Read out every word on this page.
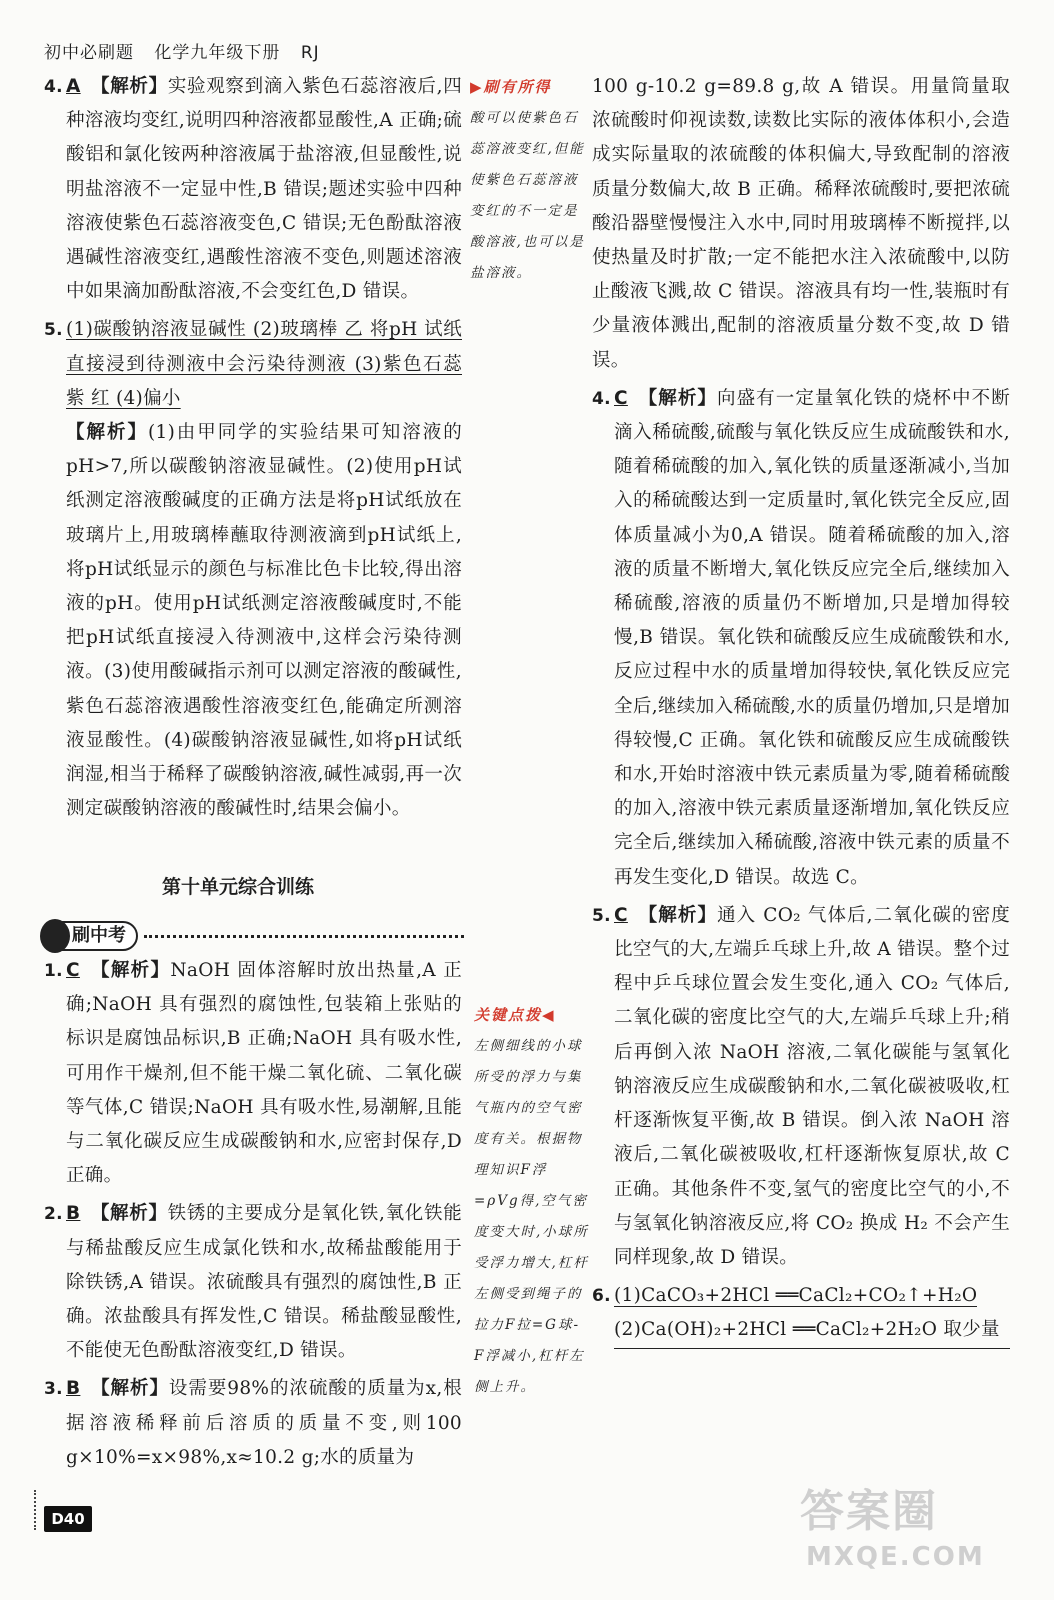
初中必刷题 化学九年级下册 RJ

4. A 【解析】实验观察到滴入紫色石蕊溶液后,四种溶液均变红,说明四种溶液都显酸性,A 正确;硫酸铝和氯化铵两种溶液属于盐溶液,但显酸性,说明盐溶液不一定显中性,B 错误;题述实验中四种溶液使紫色石蕊溶液变色,C 错误;无色酚酞溶液遇碱性溶液变红,遇酸性溶液不变色,则题述溶液中如果滴加酚酞溶液,不会变红色,D 错误。

5. (1)碳酸钠溶液显碱性 (2)玻璃棒 乙 将pH 试纸直接浸到待测液中会污染待测液 (3)紫色石蕊 紫 红 (4)偏小

【解析】(1)由甲同学的实验结果可知溶液的pH>7,所以碳酸钠溶液显碱性。(2)使用pH试纸测定溶液酸碱度的正确方法是将pH试纸放在玻璃片上,用玻璃棒蘸取待测液滴到pH试纸上,将pH试纸显示的颜色与标准比色卡比较,得出溶液的pH。使用pH试纸测定溶液酸碱度时,不能把pH试纸直接浸入待测液中,这样会污染待测液。(3)使用酸碱指示剂可以测定溶液的酸碱性,紫色石蕊溶液遇酸性溶液变红色,能确定所测溶液显酸性。(4)碳酸钠溶液显碱性,如将pH试纸润湿,相当于稀释了碳酸钠溶液,碱性减弱,再一次测定碳酸钠溶液的酸碱性时,结果会偏小。

第十单元综合训练
刷中考

1. C 【解析】NaOH 固体溶解时放出热量,A 正确;NaOH 具有强烈的腐蚀性,包装箱上张贴的标识是腐蚀品标识,B 正确;NaOH 具有吸水性,可用作干燥剂,但不能干燥二氧化硫、二氧化碳等气体,C 错误;NaOH 具有吸水性,易潮解,且能与二氧化碳反应生成碳酸钠和水,应密封保存,D 正确。

2. B 【解析】铁锈的主要成分是氧化铁,氧化铁能与稀盐酸反应生成氯化铁和水,故稀盐酸能用于除铁锈,A 错误。浓硫酸具有强烈的腐蚀性,B 正确。浓盐酸具有挥发性,C 错误。稀盐酸显酸性,不能使无色酚酞溶液变红,D 错误。

3. B 【解析】设需要98%的浓硫酸的质量为x,根据溶液稀释前后溶质的质量不变,则100 g×10%=x×98%,x≈10.2 g;水的质量为

▶刷有所得
酸可以使紫色石蕊溶液变红,但能使紫色石蕊溶液变红的不一定是酸溶液,也可以是盐溶液。
关键点拨◀
左侧细线的小球所受的浮力与集气瓶内的空气密度有关。根据物理知识F浮=ρVg得,空气密度变大时,小球所受浮力增大,杠杆左侧受到绳子的拉力F拉=G球-F浮减小,杠杆左侧上升。

100 g-10.2 g=89.8 g,故 A 错误。用量筒量取浓硫酸时仰视读数,读数比实际的液体体积小,会造成实际量取的浓硫酸的体积偏大,导致配制的溶液质量分数偏大,故 B 正确。稀释浓硫酸时,要把浓硫酸沿器壁慢慢注入水中,同时用玻璃棒不断搅拌,以使热量及时扩散;一定不能把水注入浓硫酸中,以防止酸液飞溅,故 C 错误。溶液具有均一性,装瓶时有少量液体溅出,配制的溶液质量分数不变,故 D 错误。

4. C 【解析】向盛有一定量氧化铁的烧杯中不断滴入稀硫酸,硫酸与氧化铁反应生成硫酸铁和水,随着稀硫酸的加入,氧化铁的质量逐渐减小,当加入的稀硫酸达到一定质量时,氧化铁完全反应,固体质量减小为0,A 错误。随着稀硫酸的加入,溶液的质量不断增大,氧化铁反应完全后,继续加入稀硫酸,溶液的质量仍不断增加,只是增加得较慢,B 错误。氧化铁和硫酸反应生成硫酸铁和水,反应过程中水的质量增加得较快,氧化铁反应完全后,继续加入稀硫酸,水的质量仍增加,只是增加得较慢,C 正确。氧化铁和硫酸反应生成硫酸铁和水,开始时溶液中铁元素质量为零,随着稀硫酸的加入,溶液中铁元素质量逐渐增加,氧化铁反应完全后,继续加入稀硫酸,溶液中铁元素的质量不再发生变化,D 错误。故选 C。

5. C 【解析】通入 CO₂ 气体后,二氧化碳的密度比空气的大,左端乒乓球上升,故 A 错误。整个过程中乒乓球位置会发生变化,通入 CO₂ 气体后,二氧化碳的密度比空气的大,左端乒乓球上升;稍后再倒入浓 NaOH 溶液,二氧化碳能与氢氧化钠溶液反应生成碳酸钠和水,二氧化碳被吸收,杠杆逐渐恢复平衡,故 B 错误。倒入浓 NaOH 溶液后,二氧化碳被吸收,杠杆逐渐恢复原状,故 C 正确。其他条件不变,氢气的密度比空气的小,不与氢氧化钠溶液反应,将 CO₂ 换成 H₂ 不会产生同样现象,故 D 错误。

6. (1)CaCO₃+2HCl ══CaCl₂+CO₂↑+H₂O

(2)Ca(OH)₂+2HCl ══CaCl₂+2H₂O 取少量

D40	答案圈
MXQE.COM
